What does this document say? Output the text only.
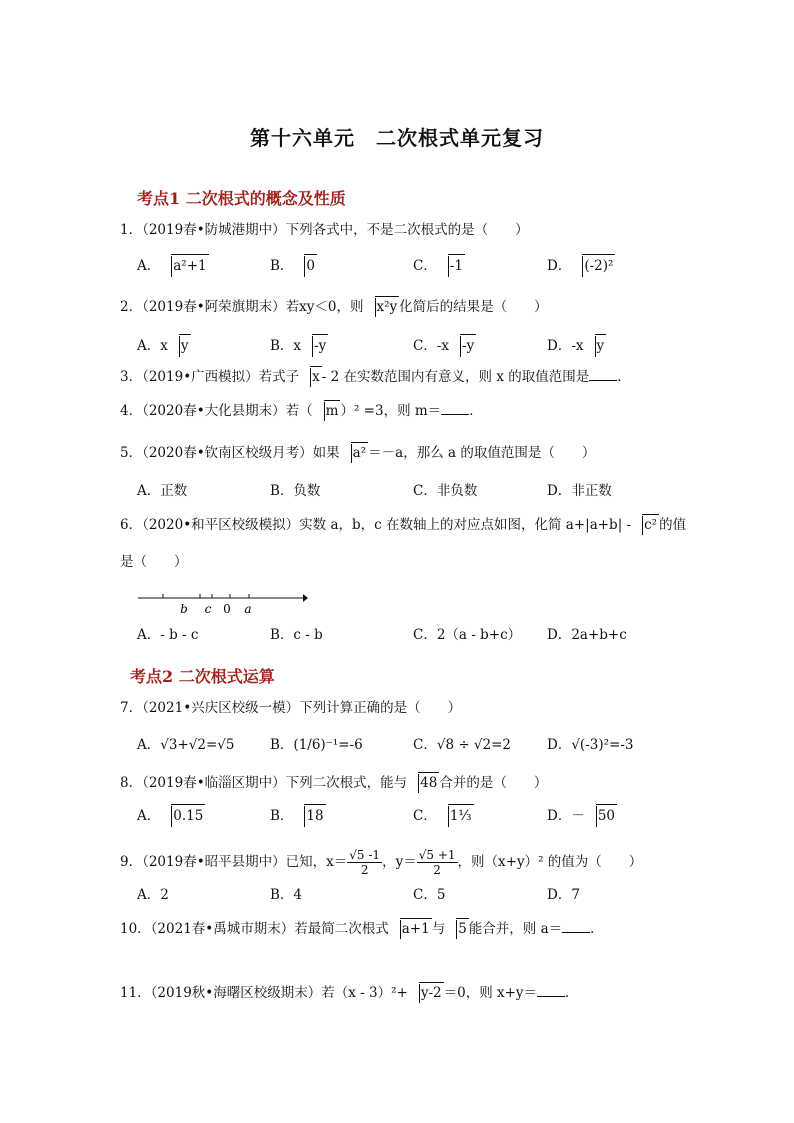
第十六单元　二次根式单元复习
考点1 二次根式的概念及性质
1．（2019春•防城港期中）下列各式中，不是二次根式的是（　　）
A． a²+1	B． 0	C． -1	D． (-2)²
2．（2019春•阿荣旗期末）若xy＜0，则 x²y 化简后的结果是（　　）
A．x y	B．x -y	C．-x -y	D．-x y
3．（2019•广西模拟）若式子 x - 2 在实数范围内有意义，则 x 的取值范围是 ．
4．（2020春•大化县期末）若（ m ）² =3，则 m＝ ．
5．（2020春•钦南区校级月考）如果 a² ＝－a，那么 a 的取值范围是（　　）
A．正数	B．负数	C．非负数	D．非正数
6．（2020•和平区校级模拟）实数 a，b，c 在数轴上的对应点如图，化简 a+|a+b| - c² 的值
是（　　）
b c 0 a
A．- b - c	B．c - b	C．2（a - b+c） D．2a+b+c
考点2 二次根式运算
7．（2021•兴庆区校级一模）下列计算正确的是（　　）
A．√3+√2=√5	B．(1/6)⁻¹=-6	C．√8 ÷ √2=2	D．√(-3)²=-3
8．（2019春•临淄区期中）下列二次根式，能与 48 合并的是（　　）
A． 0.15	B． 18	C． 1⅓	D．－ 50
9．（2019春•昭平县期中）已知，$x= \frac{√5 -1}{2}$ ，$y= \frac{√5 +1}{2}$ ，则（x+y）² 的值为（　　）
A．2	B．4	C．5	D．7
10．（2021春•禹城市期末）若最简二次根式 a+1 与 5 能合并，则 a＝ ．
11．（2019秋•海曙区校级期末）若（x - 3）²+ y-2 ＝0，则 x+y＝ ．
